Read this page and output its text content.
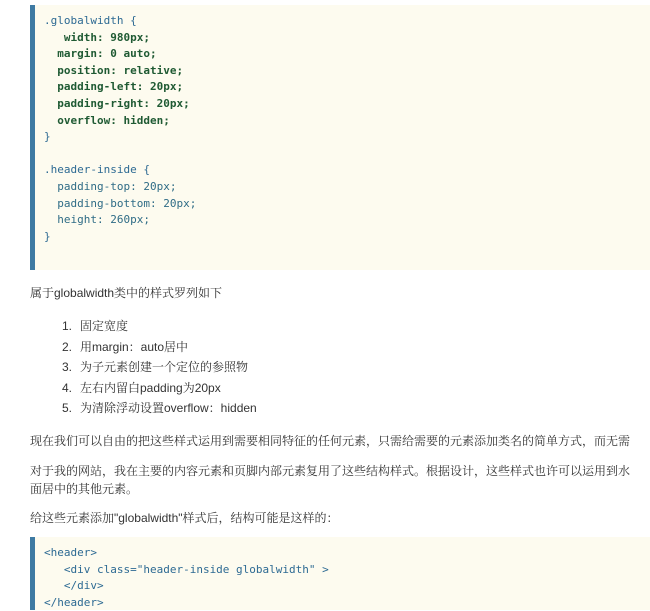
.globalwidth {
width: 980px;
margin: 0 auto;
position: relative;
padding-left: 20px;
padding-right: 20px;
overflow: hidden;
}
.header-inside {
padding-top: 20px;
padding-bottom: 20px;
height: 260px;
}
属于globalwidth类中的样式罗列如下
1. 固定宽度
2. 用margin：auto居中
3. 为子元素创建一个定位的参照物
4. 左右内留白padding为20px
5. 为清除浮动设置overflow：hidden
现在我们可以自由的把这些样式运用到需要相同特征的任何元素，只需给需要的元素添加类名的简单方式，而无需
对于我的网站，我在主要的内容元素和页脚内部元素复用了这些结构样式。根据设计，这些样式也许可以运用到水
面居中的其他元素。
给这些元素添加"globalwidth"样式后，结构可能是这样的：
<header>
<div class="header-inside globalwidth" >
</div>
</header>
